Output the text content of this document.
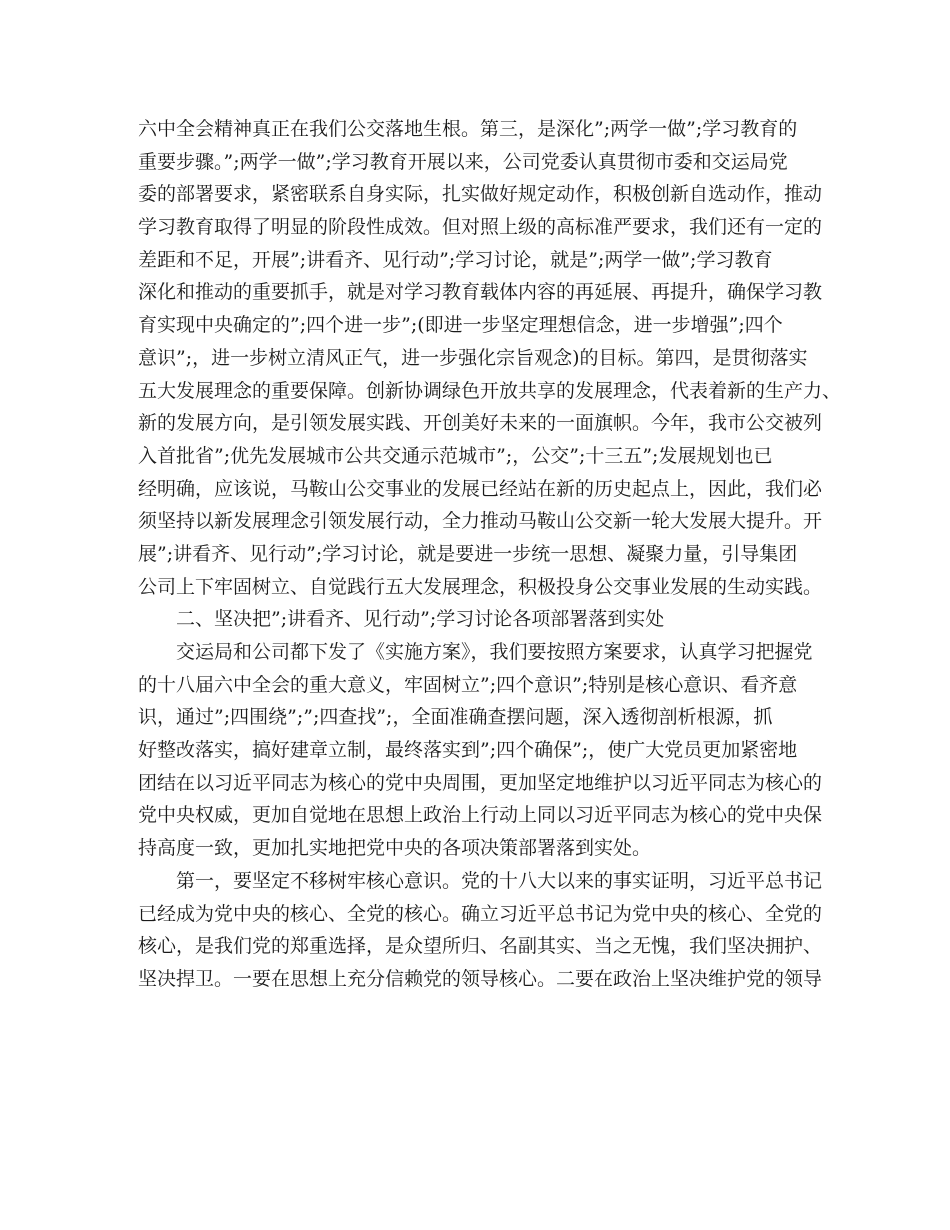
六中全会精神真正在我们公交落地生根。第三，是深化”;两学一做”;学习教育的
重要步骤。”;两学一做”;学习教育开展以来，公司党委认真贯彻市委和交运局党
委的部署要求，紧密联系自身实际，扎实做好规定动作，积极创新自选动作，推动
学习教育取得了明显的阶段性成效。但对照上级的高标准严要求，我们还有一定的
差距和不足，开展”;讲看齐、见行动”;学习讨论，就是”;两学一做”;学习教育
深化和推动的重要抓手，就是对学习教育载体内容的再延展、再提升，确保学习教
育实现中央确定的”;四个进一步”;(即进一步坚定理想信念，进一步增强”;四个
意识”;，进一步树立清风正气，进一步强化宗旨观念)的目标。第四，是贯彻落实
五大发展理念的重要保障。创新协调绿色开放共享的发展理念，代表着新的生产力、
新的发展方向，是引领发展实践、开创美好未来的一面旗帜。今年，我市公交被列
入首批省”;优先发展城市公共交通示范城市”;，公交”;十三五”;发展规划也已
经明确，应该说，马鞍山公交事业的发展已经站在新的历史起点上，因此，我们必
须坚持以新发展理念引领发展行动，全力推动马鞍山公交新一轮大发展大提升。开
展”;讲看齐、见行动”;学习讨论，就是要进一步统一思想、凝聚力量，引导集团
公司上下牢固树立、自觉践行五大发展理念，积极投身公交事业发展的生动实践。
二、坚决把”;讲看齐、见行动”;学习讨论各项部署落到实处
交运局和公司都下发了《实施方案》，我们要按照方案要求，认真学习把握党
的十八届六中全会的重大意义，牢固树立”;四个意识”;特别是核心意识、看齐意
识，通过”;四围绕”;”;四查找”;，全面准确查摆问题，深入透彻剖析根源，抓
好整改落实，搞好建章立制，最终落实到”;四个确保”;，使广大党员更加紧密地
团结在以习近平同志为核心的党中央周围，更加坚定地维护以习近平同志为核心的
党中央权威，更加自觉地在思想上政治上行动上同以习近平同志为核心的党中央保
持高度一致，更加扎实地把党中央的各项决策部署落到实处。
第一，要坚定不移树牢核心意识。党的十八大以来的事实证明，习近平总书记
已经成为党中央的核心、全党的核心。确立习近平总书记为党中央的核心、全党的
核心，是我们党的郑重选择，是众望所归、名副其实、当之无愧，我们坚决拥护、
坚决捍卫。一要在思想上充分信赖党的领导核心。二要在政治上坚决维护党的领导
